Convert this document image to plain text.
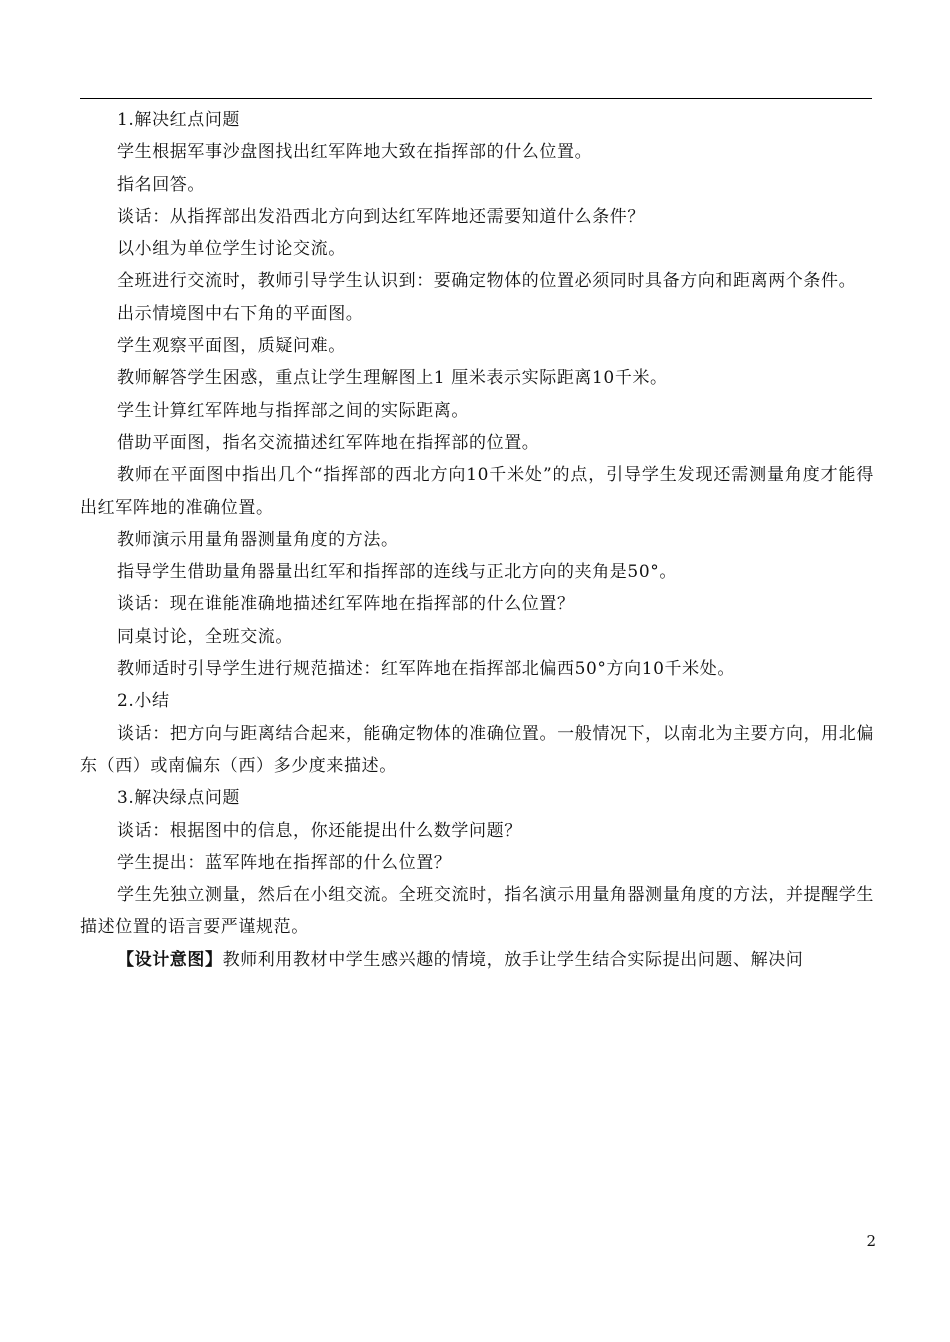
1.解决红点问题

学生根据军事沙盘图找出红军阵地大致在指挥部的什么位置。

指名回答。

谈话：从指挥部出发沿西北方向到达红军阵地还需要知道什么条件？

以小组为单位学生讨论交流。

全班进行交流时，教师引导学生认识到：要确定物体的位置必须同时具备方向和距离两个条件。

出示情境图中右下角的平面图。

学生观察平面图，质疑问难。

教师解答学生困惑，重点让学生理解图上1 厘米表示实际距离10千米。

学生计算红军阵地与指挥部之间的实际距离。

借助平面图，指名交流描述红军阵地在指挥部的位置。

教师在平面图中指出几个“指挥部的西北方向10千米处”的点，引导学生发现还需测量角度才能得出红军阵地的准确位置。

教师演示用量角器测量角度的方法。

指导学生借助量角器量出红军和指挥部的连线与正北方向的夹角是50°。

谈话：现在谁能准确地描述红军阵地在指挥部的什么位置？

同桌讨论，全班交流。

教师适时引导学生进行规范描述：红军阵地在指挥部北偏西50°方向10千米处。

2.小结

谈话：把方向与距离结合起来，能确定物体的准确位置。一般情况下，以南北为主要方向，用北偏东（西）或南偏东（西）多少度来描述。

3.解决绿点问题

谈话：根据图中的信息，你还能提出什么数学问题？

学生提出：蓝军阵地在指挥部的什么位置？

学生先独立测量，然后在小组交流。全班交流时，指名演示用量角器测量角度的方法，并提醒学生描述位置的语言要严谨规范。

【设计意图】教师利用教材中学生感兴趣的情境，放手让学生结合实际提出问题、解决问

2
